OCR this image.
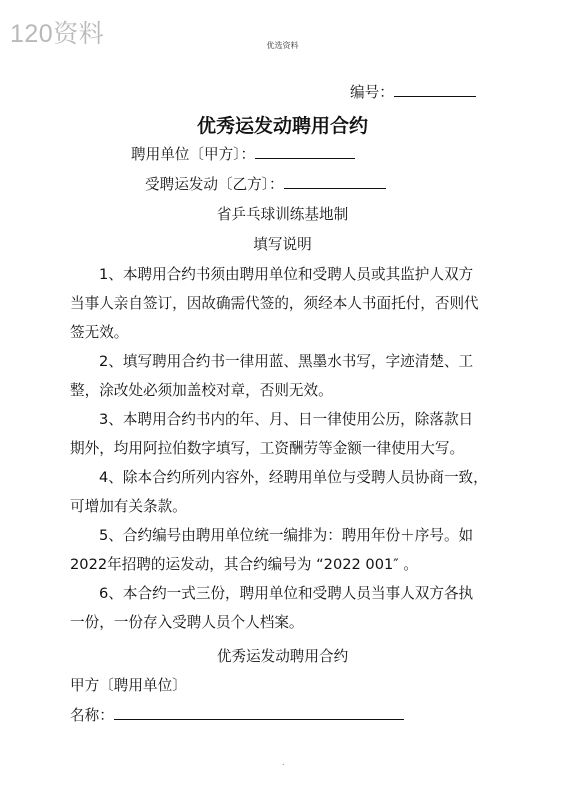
120资料	优选资料
编号：
优秀运发动聘用合约
聘用单位〔甲方〕：
受聘运发动〔乙方〕：
省乒乓球训练基地制
填写说明
1、本聘用合约书须由聘用单位和受聘人员或其监护人双方
当事人亲自签订，因故确需代签的，须经本人书面托付，否则代
签无效。
2、填写聘用合约书一律用蓝、黑墨水书写，字迹清楚、工
整，涂改处必须加盖校对章，否则无效。
3、本聘用合约书内的年、月、日一律使用公历，除落款日
期外，均用阿拉伯数字填写，工资酬劳等金额一律使用大写。
4、除本合约所列内容外，经聘用单位与受聘人员协商一致，
可增加有关条款。
5、合约编号由聘用单位统一编排为：聘用年份＋序号。如
2022年招聘的运发动，其合约编号为 “2022 001″ 。
6、本合约一式三份，聘用单位和受聘人员当事人双方各执
一份，一份存入受聘人员个人档案。
优秀运发动聘用合约
甲方〔聘用单位〕
名称：
.
